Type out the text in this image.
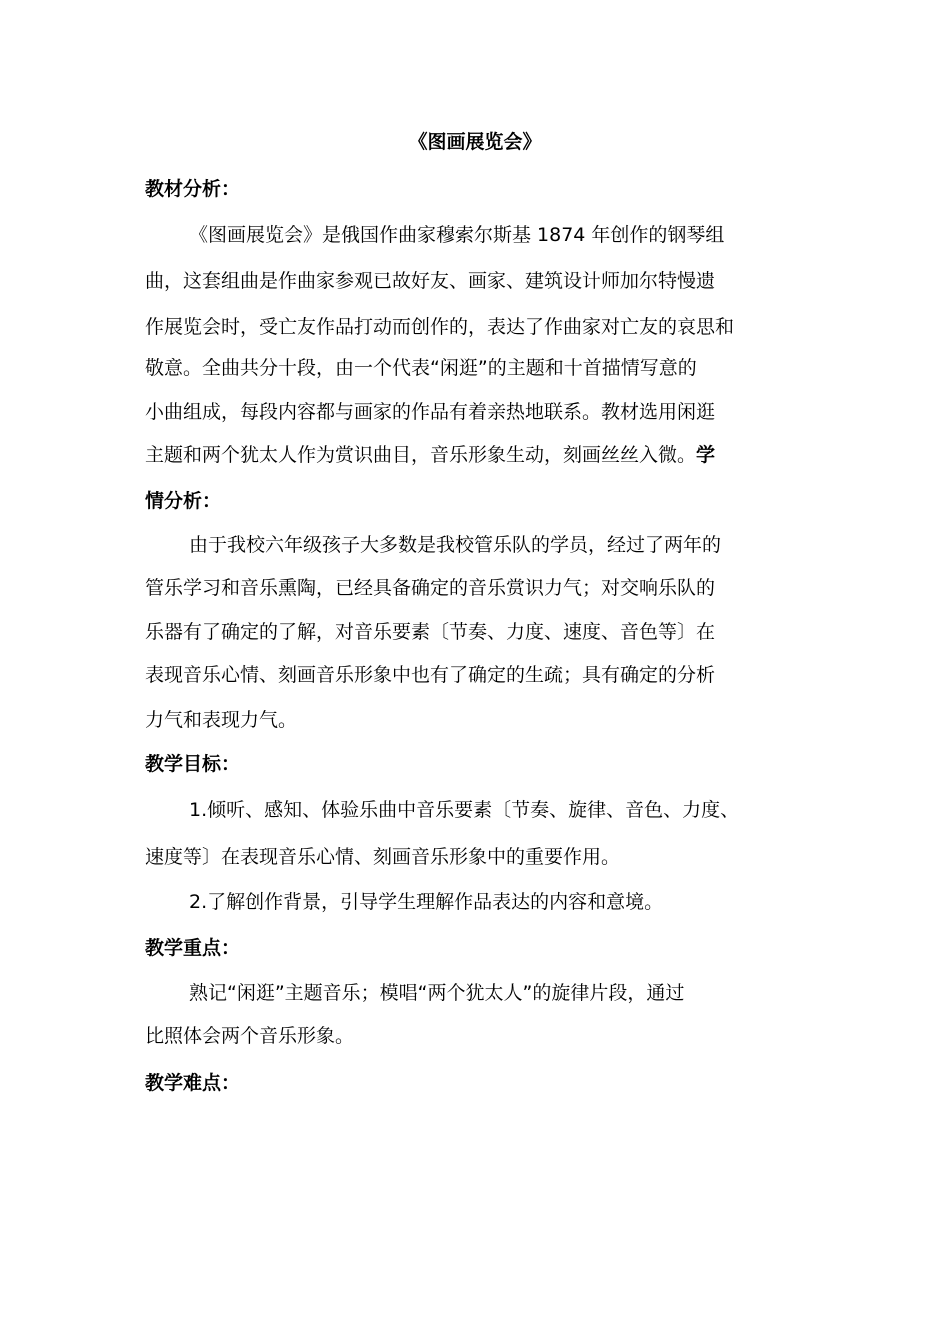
《图画展览会》
教材分析：
《图画展览会》是俄国作曲家穆索尔斯基 1874 年创作的钢琴组
曲，这套组曲是作曲家参观已故好友、画家、建筑设计师加尔特慢遗
作展览会时，受亡友作品打动而创作的，表达了作曲家对亡友的哀思和
敬意。全曲共分十段，由一个代表“闲逛”的主题和十首描情写意的
小曲组成，每段内容都与画家的作品有着亲热地联系。教材选用闲逛
主题和两个犹太人作为赏识曲目，音乐形象生动，刻画丝丝入微。学
情分析：
由于我校六年级孩子大多数是我校管乐队的学员，经过了两年的
管乐学习和音乐熏陶，已经具备确定的音乐赏识力气；对交响乐队的
乐器有了确定的了解，对音乐要素〔节奏、力度、速度、音色等〕在
表现音乐心情、刻画音乐形象中也有了确定的生疏；具有确定的分析
力气和表现力气。
教学目标：
1.倾听、感知、体验乐曲中音乐要素〔节奏、旋律、音色、力度、
速度等〕在表现音乐心情、刻画音乐形象中的重要作用。
2.了解创作背景，引导学生理解作品表达的内容和意境。
教学重点：
熟记“闲逛”主题音乐；模唱“两个犹太人”的旋律片段，通过
比照体会两个音乐形象。
教学难点：
